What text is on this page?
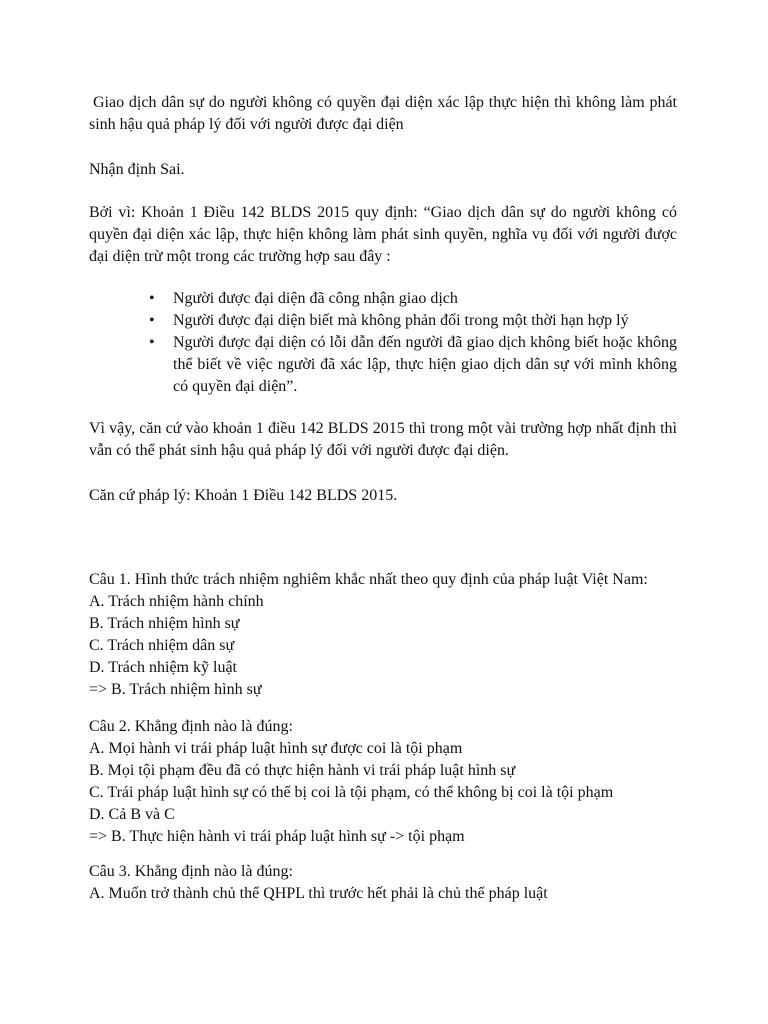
Giao dịch dân sự do người không có quyền đại diện xác lập thực hiện thì không làm phát sinh hậu quả pháp lý đối với người được đại diện

Nhận định Sai.

Bởi vì: Khoản 1 Điều 142 BLDS 2015 quy định: “Giao dịch dân sự do người không có quyền đại diện xác lập, thực hiện không làm phát sinh quyền, nghĩa vụ đối với người được đại diện trừ một trong các trường hợp sau đây :

• Người được đại diện đã công nhận giao dịch
• Người được đại diện biết mà không phản đối trong một thời hạn hợp lý
• Người được đại diện có lỗi dẫn đến người đã giao dịch không biết hoặc không thể biết về việc người đã xác lập, thực hiện giao dịch dân sự với mình không có quyền đại diện”.

Vì vậy, căn cứ vào khoản 1 điều 142 BLDS 2015 thì trong một vài trường hợp nhất định thì vẫn có thể phát sinh hậu quả pháp lý đối với người được đại diện.

Căn cứ pháp lý: Khoản 1 Điều 142 BLDS 2015.

Câu 1. Hình thức trách nhiệm nghiêm khắc nhất theo quy định của pháp luật Việt Nam:

A. Trách nhiệm hành chính

B. Trách nhiệm hình sự

C. Trách nhiệm dân sự

D. Trách nhiệm kỹ luật

=> B. Trách nhiệm hình sự

Câu 2. Khẳng định nào là đúng:

A. Mọi hành vi trái pháp luật hình sự được coi là tội phạm

B. Mọi tội phạm đều đã có thực hiện hành vi trái pháp luật hình sự

C. Trái pháp luật hình sự có thể bị coi là tội phạm, có thể không bị coi là tội phạm

D. Cả B và C

=> B. Thực hiện hành vi trái pháp luật hình sự -> tội phạm

Câu 3. Khẳng định nào là đúng:

A. Muốn trở thành chủ thể QHPL thì trước hết phải là chủ thể pháp luật
